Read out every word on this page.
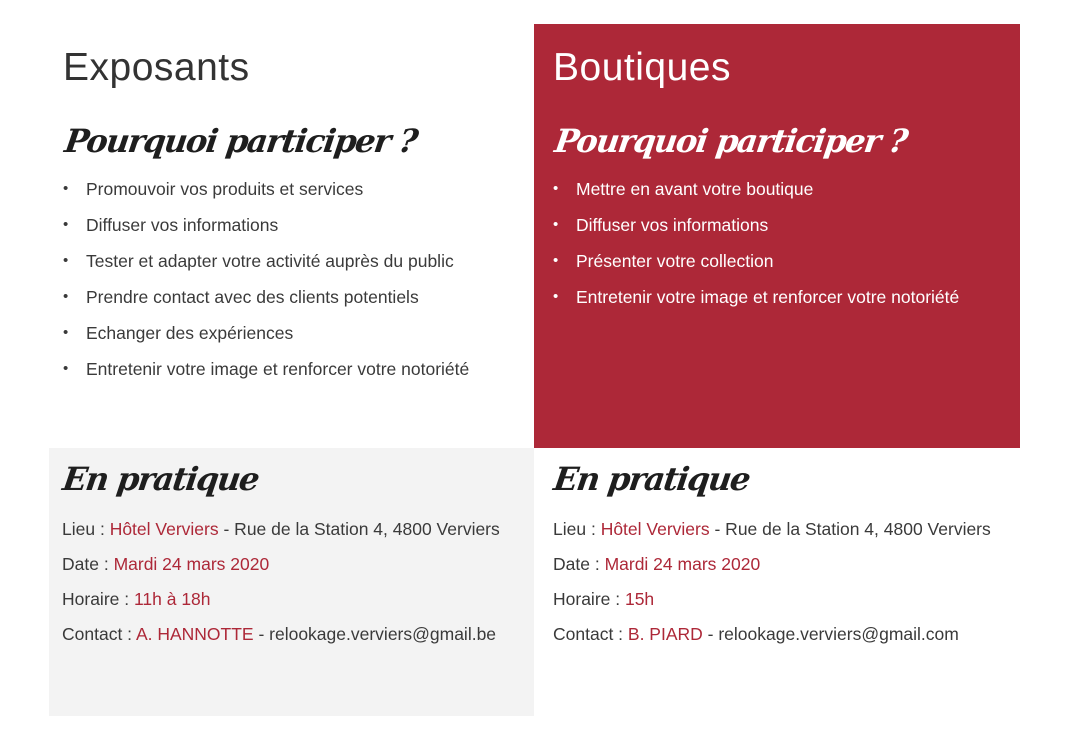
Exposants
Pourquoi participer ?
• Promouvoir vos produits et services
• Diffuser vos informations
• Tester et adapter votre activité auprès du public
• Prendre contact avec des clients potentiels
• Echanger des expériences
• Entretenir votre image et renforcer votre notoriété
Boutiques
Pourquoi participer ?
• Mettre en avant votre boutique
• Diffuser vos informations
• Présenter votre collection
• Entretenir votre image et renforcer votre notoriété
En pratique

Lieu : Hôtel Verviers - Rue de la Station 4, 4800 Verviers

Date : Mardi 24 mars 2020

Horaire : 11h à 18h

Contact : A. HANNOTTE - relookage.verviers@gmail.be

En pratique

Lieu : Hôtel Verviers - Rue de la Station 4, 4800 Verviers

Date : Mardi 24 mars 2020

Horaire : 15h

Contact : B. PIARD - relookage.verviers@gmail.com
